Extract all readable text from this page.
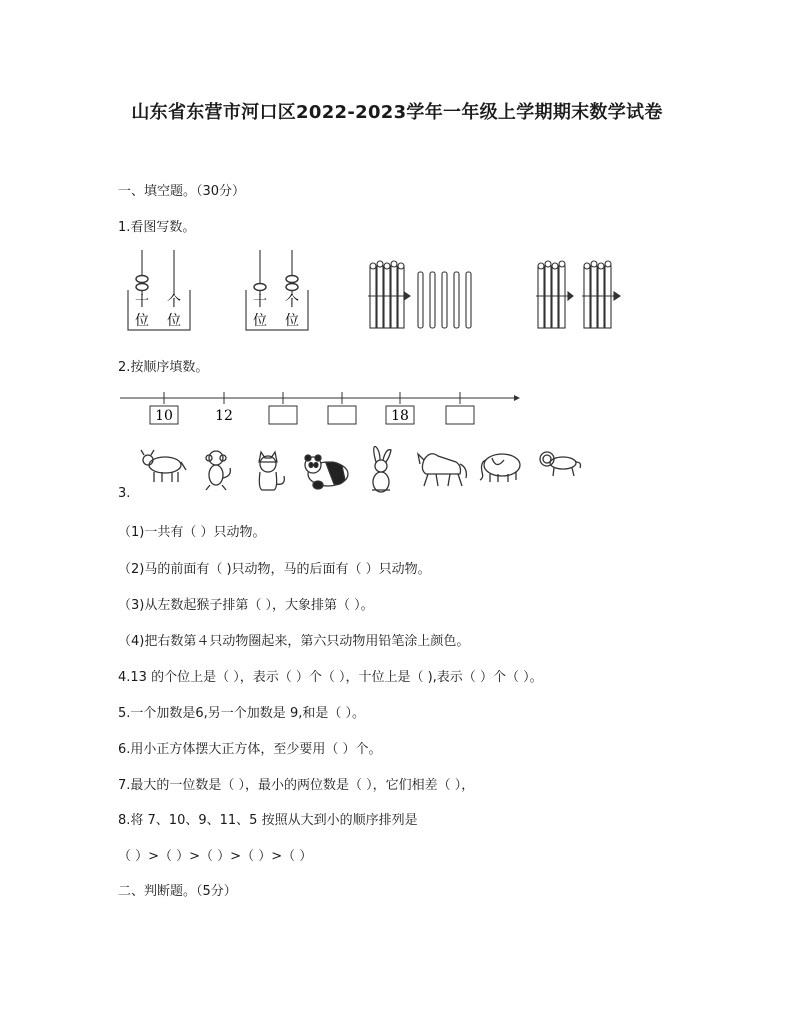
山东省东营市河口区2022-2023学年一年级上学期期末数学试卷
一、填空题。（30分）
1.看图写数。
十
位
个
位
十
位
个
位
2.按顺序填数。
10	12	18
3.
（1)一共有（ ）只动物。
（2)马的前面有（ )只动物，马的后面有（ ）只动物。
（3)从左数起猴子排第（ ），大象排第（ ）。
（4)把右数第４只动物圈起来，第六只动物用铅笔涂上颜色。
4.13 的个位上是（ ），表示（ ）个（ ），十位上是（ ),表示（ ）个（ ）。
5.一个加数是6,另一个加数是 9,和是（ ）。
6.用小正方体摆大正方体，至少要用（ ）个。
7.最大的一位数是（ ），最小的两位数是（ ），它们相差（ ），
8.将 7、10、9、11、5 按照从大到小的顺序排列是
（ ）>（ ）>（ ）>（ ）>（ ）
二、判断题。（5分）
